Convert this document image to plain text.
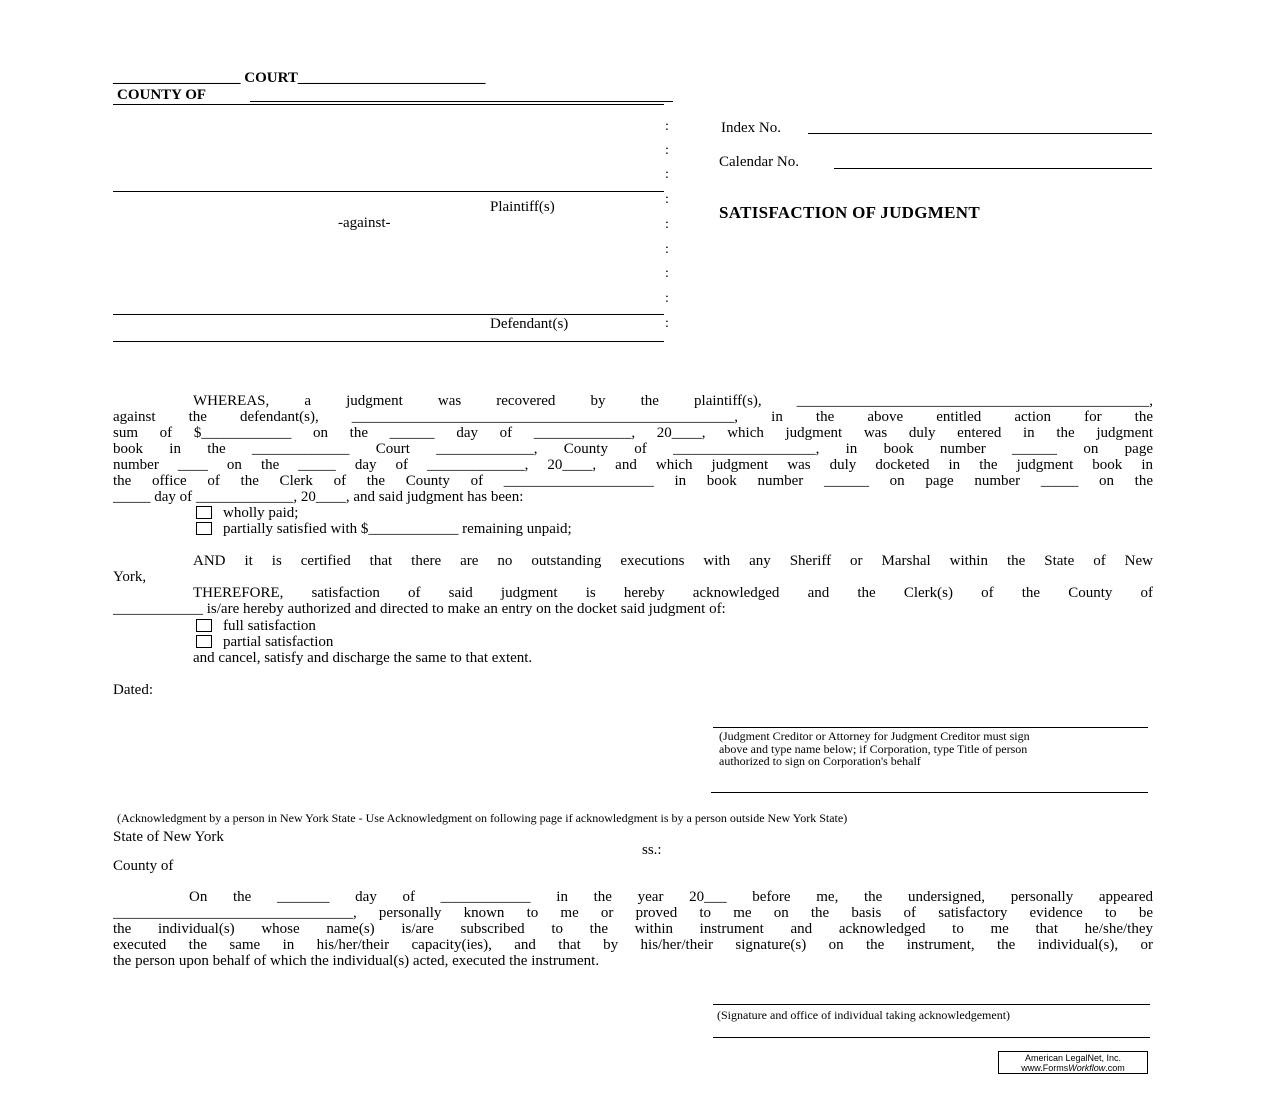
_________________ COURT_________________________
COUNTY OF
Plaintiff(s)
-against-
Defendant(s)
:
:
:
:
:
:
:
:
:
Index No.
Calendar No.
SATISFACTION OF JUDGMENT
WHEREAS, a judgment was recovered by the plaintiff(s), _______________________________________________,
against the defendant(s), ___________________________________________________, in the above entitled action for the
sum of $____________ on the ______ day of _____________, 20____, which judgment was duly entered in the judgment
book in the _____________ Court _____________, County of ___________________, in book number ______ on page
number ____ on the _____ day of _____________, 20____, and which judgment was duly docketed in the judgment book in
the office of the Clerk of the County of ____________________ in book number ______ on page number _____ on the
_____ day of _____________, 20____, and said judgment has been:
wholly paid;
partially satisfied with $____________ remaining unpaid;
AND it is certified that there are no outstanding executions with any Sheriff or Marshal within the State of New
York,
THEREFORE, satisfaction of said judgment is hereby acknowledged and the Clerk(s) of the County of
____________ is/are hereby authorized and directed to make an entry on the docket said judgment of:
full satisfaction
partial satisfaction
and cancel, satisfy and discharge the same to that extent.
Dated:
(Judgment Creditor or Attorney for Judgment Creditor must sign
above and type name below; if Corporation, type Title of person
authorized to sign on Corporation's behalf
(Acknowledgment by a person in New York State - Use Acknowledgment on following page if acknowledgment is by a person outside New York State)
State of New York
ss.:
County of
On the _______ day of ____________ in the year 20___ before me, the undersigned, personally appeared
________________________________, personally known to me or proved to me on the basis of satisfactory evidence to be
the individual(s) whose name(s) is/are subscribed to the within instrument and acknowledged to me that he/she/they
executed the same in his/her/their capacity(ies), and that by his/her/their signature(s) on the instrument, the individual(s), or
the person upon behalf of which the individual(s) acted, executed the instrument.
(Signature and office of individual taking acknowledgement)
American LegalNet, Inc.
www.FormsWorkflow.com
